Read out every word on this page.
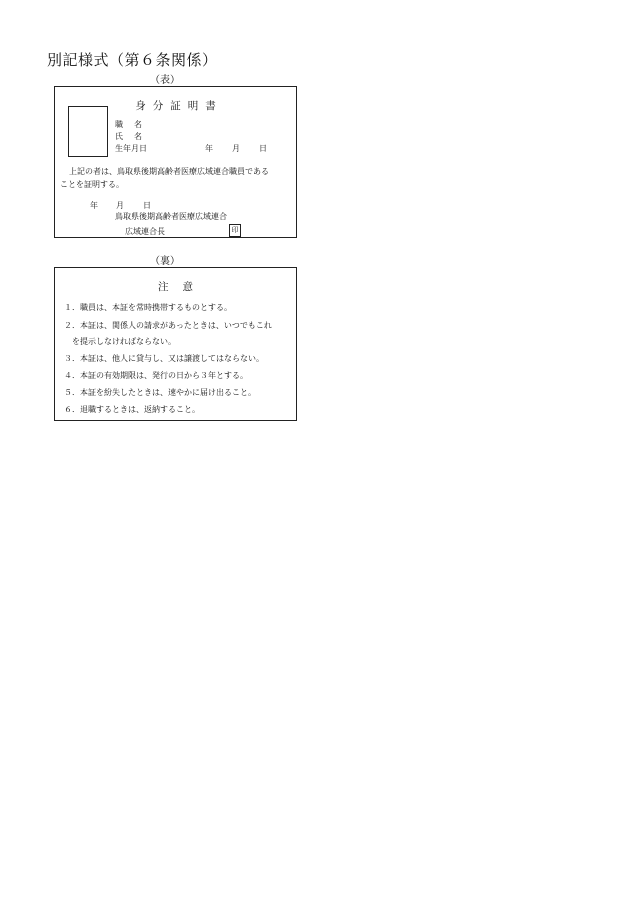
別記様式（第６条関係）
（表）
身分証明書
職名
氏名
生年月日	年 月 日
上記の者は、鳥取県後期高齢者医療広域連合職員である
ことを証明する。
年 月 日
鳥取県後期高齢者医療広域連合
広域連合長	印
（裏）
注意
１．職員は、本証を常時携帯するものとする。
２．本証は、関係人の請求があったときは、いつでもこれ
を提示しなければならない。
３．本証は、他人に貸与し、又は譲渡してはならない。
４．本証の有効期限は、発行の日から３年とする。
５．本証を紛失したときは、速やかに届け出ること。
６．退職するときは、返納すること。
